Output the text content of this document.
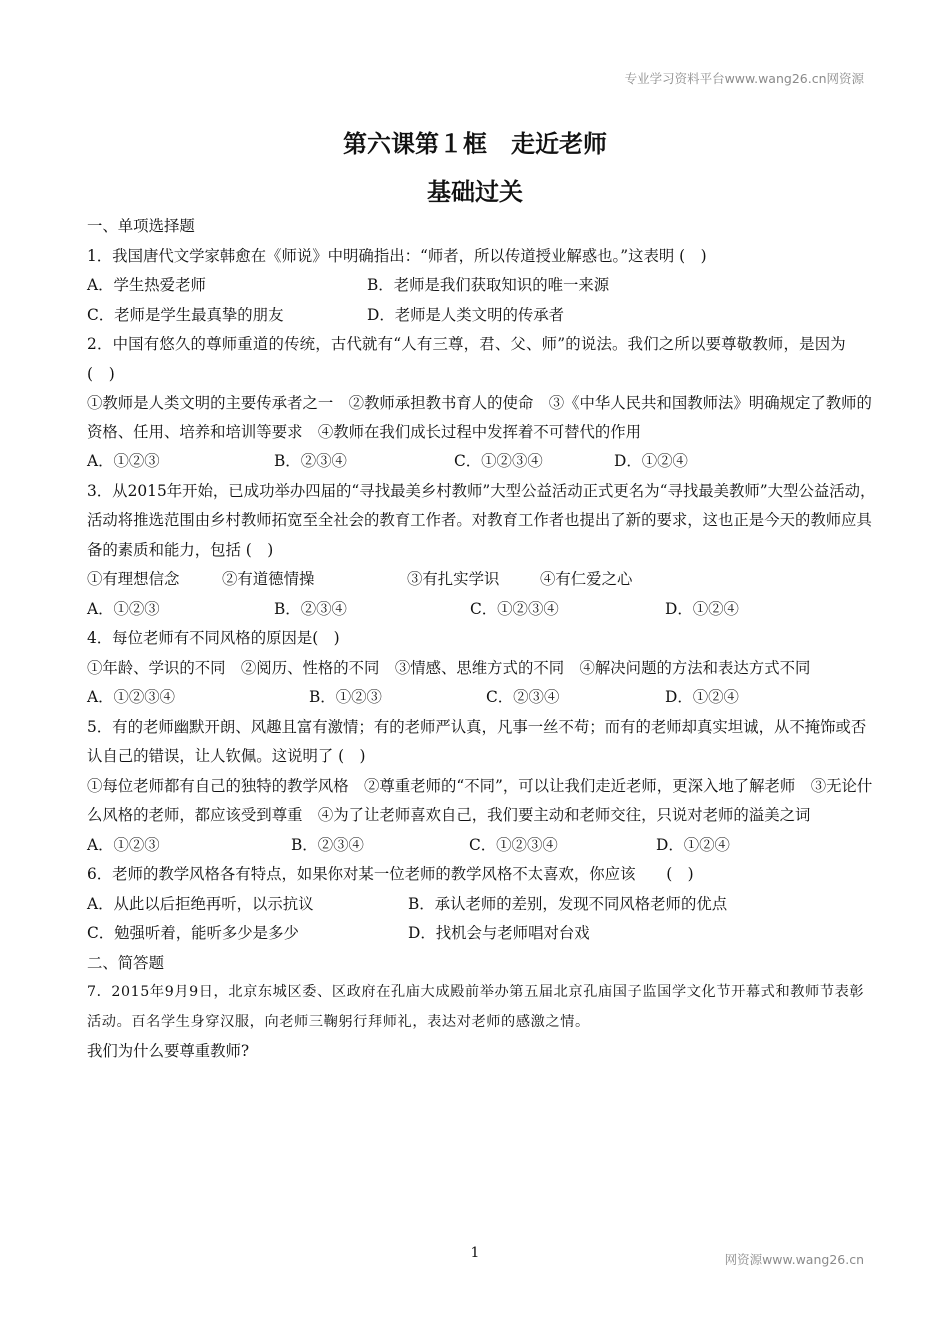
专业学习资料平台www.wang26.cn网资源
第六课第１框　走近老师
基础过关
一、单项选择题
1．我国唐代文学家韩愈在《师说》中明确指出：“师者，所以传道授业解惑也。”这表明 (　)
A．学生热爱老师	B．老师是我们获取知识的唯一来源
C．老师是学生最真挚的朋友	D．老师是人类文明的传承者
2．中国有悠久的尊师重道的传统，古代就有“人有三尊，君、父、师”的说法。我们之所以要尊敬教师，是因为 (　)
①教师是人类文明的主要传承者之一　②教师承担教书育人的使命　③《中华人民共和国教师法》明确规定了教师的资格、任用、培养和培训等要求　④教师在我们成长过程中发挥着不可替代的作用
A．①②③	B．②③④	C．①②③④	D．①②④
3．从2015年开始，已成功举办四届的“寻找最美乡村教师”大型公益活动正式更名为“寻找最美教师”大型公益活动，活动将推选范围由乡村教师拓宽至全社会的教育工作者。对教育工作者也提出了新的要求，这也正是今天的教师应具备的素质和能力，包括 (　)
①有理想信念	②有道德情操	③有扎实学识	④有仁爱之心
A．①②③	B．②③④	C．①②③④	D．①②④
4．每位老师有不同风格的原因是(　)
①年龄、学识的不同　②阅历、性格的不同　③情感、思维方式的不同　④解决问题的方法和表达方式不同
A．①②③④	B．①②③	C．②③④	D．①②④
5．有的老师幽默开朗、风趣且富有激情；有的老师严认真，凡事一丝不苟；而有的老师却真实坦诚，从不掩饰或否认自己的错误，让人钦佩。这说明了 (　)
①每位老师都有自己的独特的教学风格　②尊重老师的“不同”，可以让我们走近老师，更深入地了解老师　③无论什么风格的老师，都应该受到尊重　④为了让老师喜欢自己，我们要主动和老师交往，只说对老师的溢美之词
A．①②③	B．②③④	C．①②③④	D．①②④
6．老师的教学风格各有特点，如果你对某一位老师的教学风格不太喜欢，你应该　　(　)
A．从此以后拒绝再听，以示抗议	B．承认老师的差别，发现不同风格老师的优点
C．勉强听着，能听多少是多少	D．找机会与老师唱对台戏
二、简答题
7．2015年9月9日，北京东城区委、区政府在孔庙大成殿前举办第五届北京孔庙国子监国学文化节开幕式和教师节表彰活动。百名学生身穿汉服，向老师三鞠躬行拜师礼，表达对老师的感激之情。
我们为什么要尊重教师?
1	网资源www.wang26.cn
